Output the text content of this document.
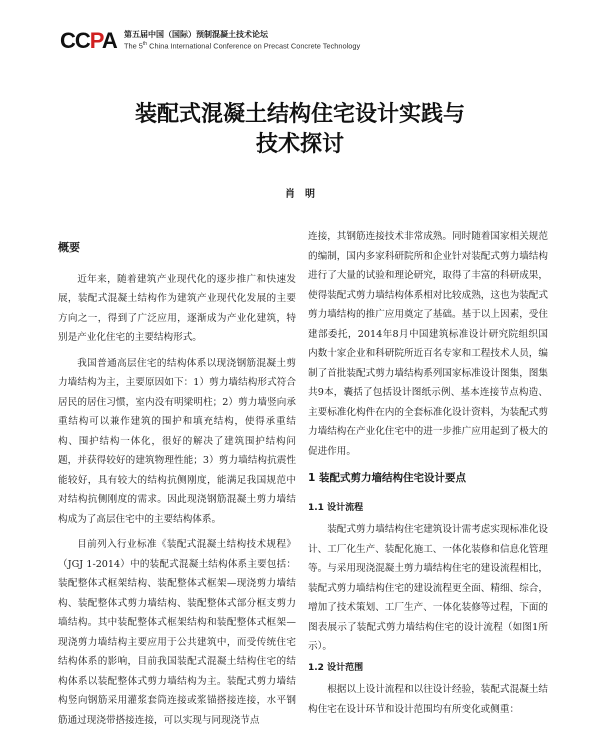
CCPA 第五届中国（国际）预制混凝土技术论坛
The 5th China International Conference on Precast Concrete Technology
装配式混凝土结构住宅设计实践与
技术探讨
肖　明
概要

近年来，随着建筑产业现代化的逐步推广和快速发展，装配式混凝土结构作为建筑产业现代化发展的主要方向之一，得到了广泛应用，逐渐成为产业化建筑，特别是产业化住宅的主要结构形式。

我国普通高层住宅的结构体系以现浇钢筋混凝土剪力墙结构为主，主要原因如下：1）剪力墙结构形式符合居民的居住习惯，室内没有明梁明柱；2）剪力墙竖向承重结构可以兼作建筑的围护和填充结构，使得承重结构、围护结构一体化，很好的解决了建筑围护结构问题，并获得较好的建筑物理性能；3）剪力墙结构抗震性能较好，具有较大的结构抗侧刚度，能满足我国规范中对结构抗侧刚度的需求。因此现浇钢筋混凝土剪力墙结构成为了高层住宅中的主要结构体系。

目前列入行业标准《装配式混凝土结构技术规程》（JGJ 1-2014）中的装配式混凝土结构体系主要包括：装配整体式框架结构、装配整体式框架—现浇剪力墙结构、装配整体式剪力墙结构、装配整体式部分框支剪力墙结构。其中装配整体式框架结构和装配整体式框架—现浇剪力墙结构主要应用于公共建筑中，而受传统住宅结构体系的影响，目前我国装配式混凝土结构住宅的结构体系以装配整体式剪力墙结构为主。装配式剪力墙结构竖向钢筋采用灌浆套筒连接或浆锚搭接连接，水平钢筋通过现浇带搭接连接，可以实现与同现浇节点

连接，其钢筋连接技术非常成熟。同时随着国家相关规范的编制，国内多家科研院所和企业针对装配式剪力墙结构进行了大量的试验和理论研究，取得了丰富的科研成果，使得装配式剪力墙结构体系相对比较成熟，这也为装配式剪力墙结构的推广应用奠定了基础。基于以上因素，受住建部委托，2014年8月中国建筑标准设计研究院组织国内数十家企业和科研院所近百名专家和工程技术人员，编制了首批装配式剪力墙结构系列国家标准设计图集，图集共9本，囊括了包括设计图纸示例、基本连接节点构造、主要标准化构件在内的全套标准化设计资料，为装配式剪力墙结构在产业化住宅中的进一步推广应用起到了极大的促进作用。

1 装配式剪力墙结构住宅设计要点
1.1 设计流程

装配式剪力墙结构住宅建筑设计需考虑实现标准化设计、工厂化生产、装配化施工、一体化装修和信息化管理等。与采用现浇混凝土剪力墙结构住宅的建设流程相比，装配式剪力墙结构住宅的建设流程更全面、精细、综合，增加了技术策划、工厂生产、一体化装修等过程，下面的图表展示了装配式剪力墙结构住宅的设计流程（如图1所示）。

1.2 设计范围

根据以上设计流程和以往设计经验，装配式混凝土结构住宅在设计环节和设计范围均有所变化或侧重：
